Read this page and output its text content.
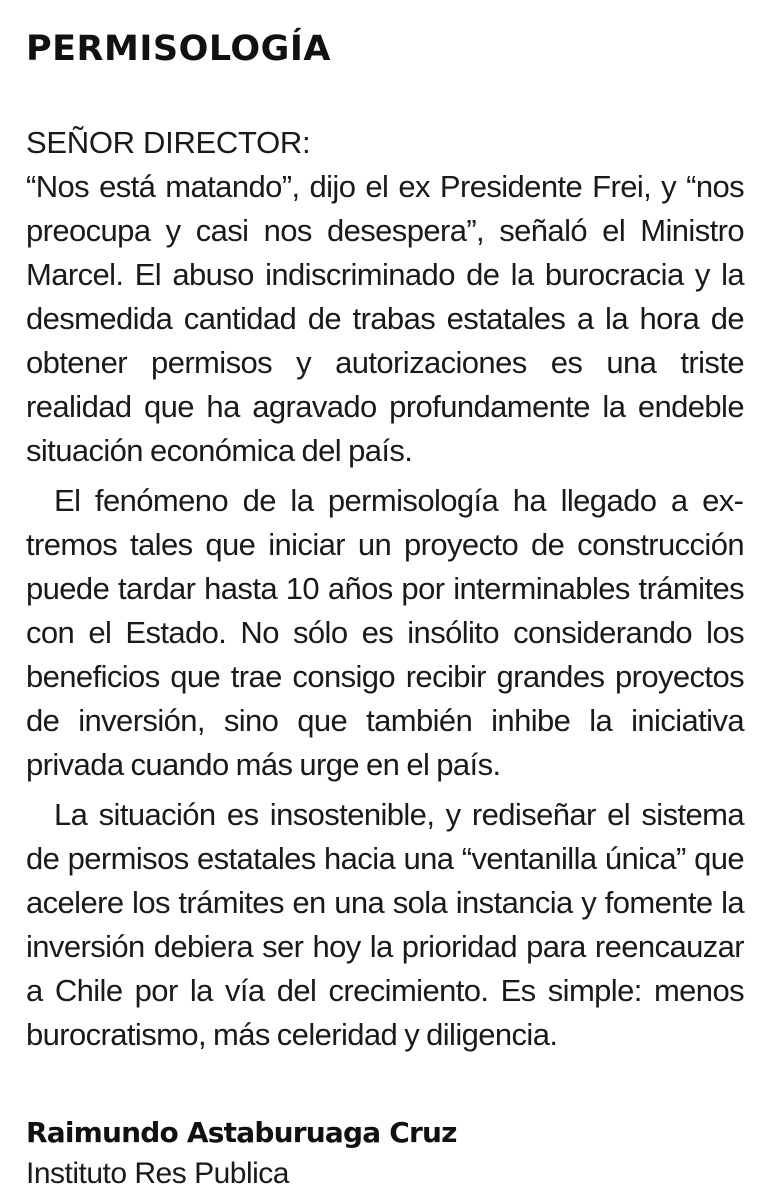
PERMISOLOGÍA

SEÑOR DIRECTOR:

“Nos está matando”, dijo el ex Presidente Frei, y “nos preocupa y casi nos desespera”, señaló el Ministro Marcel. El abuso indiscriminado de la burocracia y la desmedida cantidad de trabas estatales a la hora de obtener permisos y autorizaciones es una triste realidad que ha agravado profundamente la endeble situación económica del país.

El fenómeno de la permisología ha llegado a extremos tales que iniciar un proyecto de construcción puede tardar hasta 10 años por interminables trámites con el Estado. No sólo es insólito considerando los beneficios que trae consigo recibir grandes proyectos de inversión, sino que también inhibe la iniciativa privada cuando más urge en el país.

La situación es insostenible, y rediseñar el sistema de permisos estatales hacia una “ventanilla única” que acelere los trámites en una sola instancia y fomente la inversión debiera ser hoy la prioridad para reencauzar a Chile por la vía del crecimiento. Es simple: menos burocratismo, más celeridad y diligencia.

Raimundo Astaburuaga Cruz

Instituto Res Publica
